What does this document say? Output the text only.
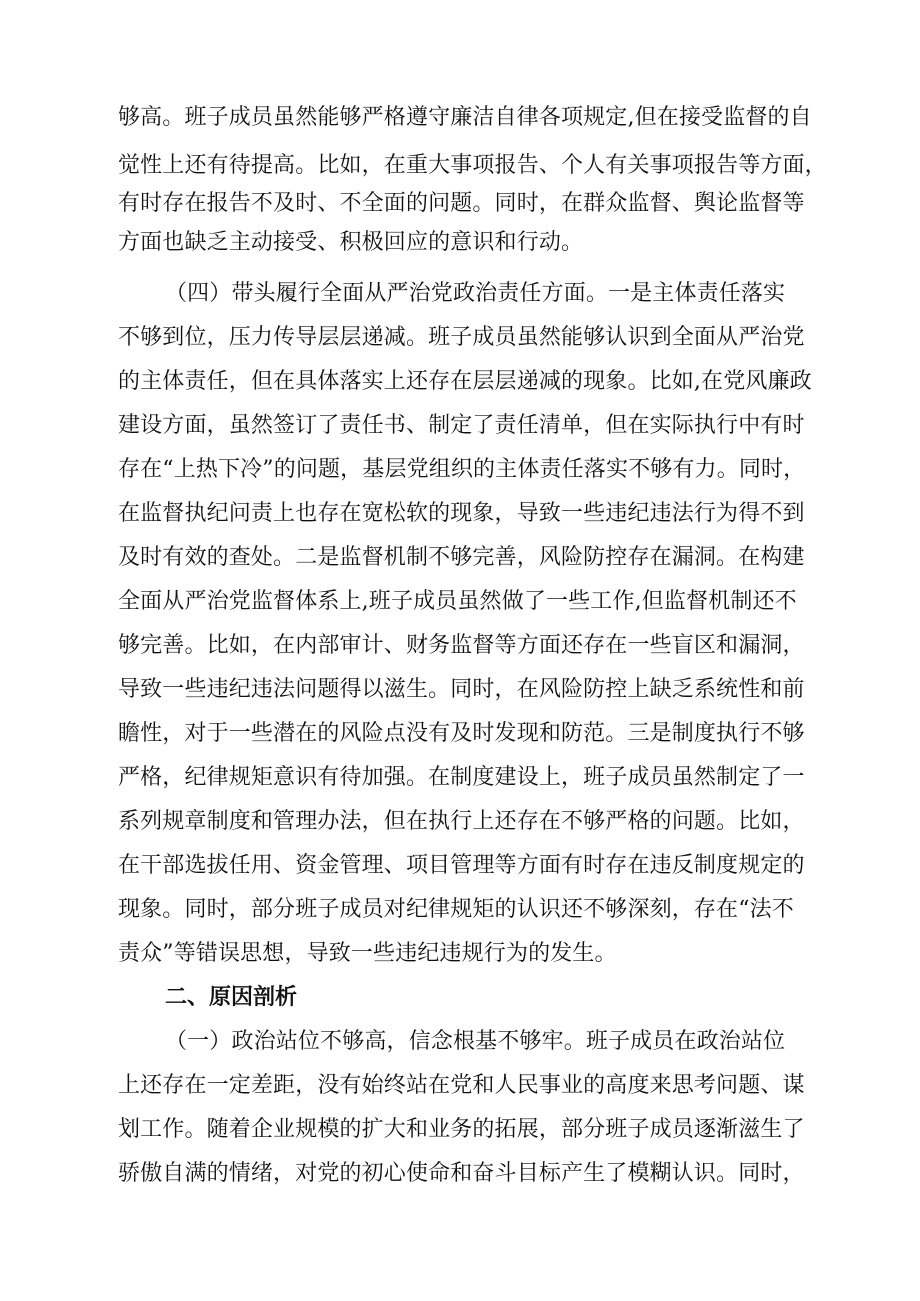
够高。班子成员虽然能够严格遵守廉洁自律各项规定,但在接受监督的自
觉性上还有待提高。比如，在重大事项报告、个人有关事项报告等方面，
有时存在报告不及时、不全面的问题。同时，在群众监督、舆论监督等
方面也缺乏主动接受、积极回应的意识和行动。
（四）带头履行全面从严治党政治责任方面。一是主体责任落实
不够到位，压力传导层层递减。班子成员虽然能够认识到全面从严治党
的主体责任，但在具体落实上还存在层层递减的现象。比如,在党风廉政
建设方面，虽然签订了责任书、制定了责任清单，但在实际执行中有时
存在“上热下冷”的问题，基层党组织的主体责任落实不够有力。同时，
在监督执纪问责上也存在宽松软的现象，导致一些违纪违法行为得不到
及时有效的查处。二是监督机制不够完善，风险防控存在漏洞。在构建
全面从严治党监督体系上,班子成员虽然做了一些工作,但监督机制还不
够完善。比如，在内部审计、财务监督等方面还存在一些盲区和漏洞，
导致一些违纪违法问题得以滋生。同时，在风险防控上缺乏系统性和前
瞻性，对于一些潜在的风险点没有及时发现和防范。三是制度执行不够
严格，纪律规矩意识有待加强。在制度建设上，班子成员虽然制定了一
系列规章制度和管理办法，但在执行上还存在不够严格的问题。比如，
在干部选拔任用、资金管理、项目管理等方面有时存在违反制度规定的
现象。同时，部分班子成员对纪律规矩的认识还不够深刻，存在“法不
责众”等错误思想，导致一些违纪违规行为的发生。
二、原因剖析
（一）政治站位不够高，信念根基不够牢。班子成员在政治站位
上还存在一定差距，没有始终站在党和人民事业的高度来思考问题、谋
划工作。随着企业规模的扩大和业务的拓展，部分班子成员逐渐滋生了
骄傲自满的情绪，对党的初心使命和奋斗目标产生了模糊认识。同时，
